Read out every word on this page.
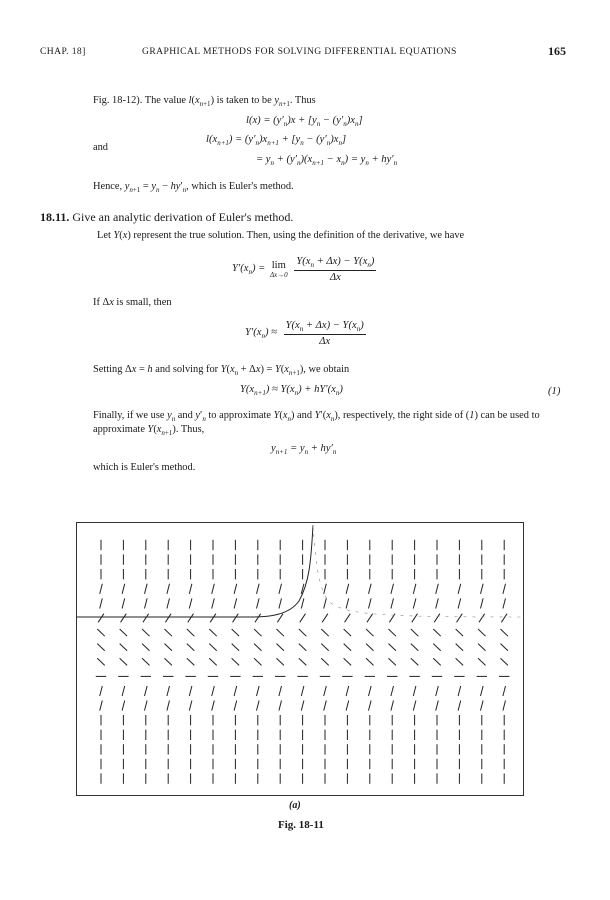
CHAP. 18]	GRAPHICAL METHODS FOR SOLVING DIFFERENTIAL EQUATIONS	165
Fig. 18-12). The value $l(x_{n+1})$ is taken to be $y_{n+1}$. Thus
$l(x) = (y'_n)x + [y_n - (y'_n)x_n]$
and
$l(x_{n+1}) = (y'_n)x_{n+1} + [y_n - (y'_n)x_n]$
= $y_n + (y'_n)(x_{n+1} - x_n) = y_n + hy'_n$
Hence, $y_{n+1} = y_n - hy'_n$, which is Euler's method.
18.11. Give an analytic derivation of Euler's method.
Let Y(x) represent the true solution. Then, using the definition of the derivative, we have
$Y'(x_n) = \lim$
Δx→0
$\frac{Y(x_n + \Delta x) - Y(x_n)}{\Delta x}$
If Δx is small, then
$Y'(x_n) \approx \frac{Y(x_n + \Delta x) - Y(x_n)}{\Delta x}$
Setting Δx = h and solving for $Y(x_n + \Delta x) = Y(x_{n+1})$, we obtain
$Y(x_{n+1}) \approx Y(x_n) + hY'(x_n)$	(1)
Finally, if we use $y_n$ and $y'_n$ to approximate $Y(x_n)$ and $Y'(x_n)$, respectively, the right side of (1) can be used to
approximate $Y(x_{n+1})$. Thus,
$y_{n+1} = y_n + hy'_n$
which is Euler's method.
(a)
Fig. 18-11
